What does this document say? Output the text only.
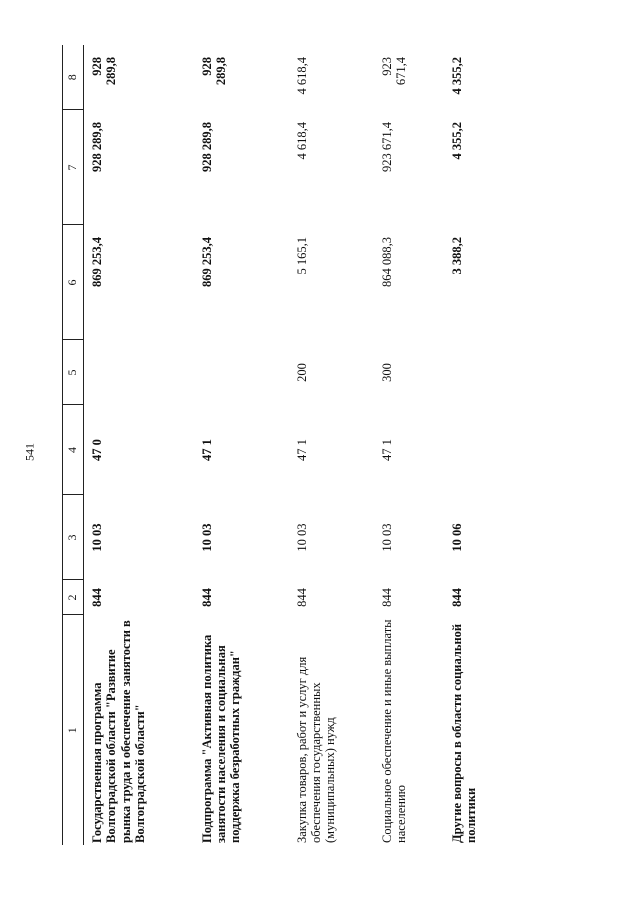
541
1	2	3	4	5	6	7	8
Государственная программа Волгоградской области "Развитие рынка труда и обеспечение занятости в Волгоградской области"	844	10 03	47 0		869 253,4	928 289,8	928 289,8
Подпрограмма "Активная политика занятости населения и социальная поддержка безработных граждан"	844	10 03	47 1		869 253,4	928 289,8	928 289,8
Закупка товаров, работ и услуг для обеспечения государственных (муниципальных) нужд	844	10 03	47 1	200	5 165,1	4 618,4	4 618,4
Социальное обеспечение и иные выплаты населению	844	10 03	47 1	300	864 088,3	923 671,4	923 671,4
Другие вопросы в области социальной политики	844	10 06			3 388,2	4 355,2	4 355,2
